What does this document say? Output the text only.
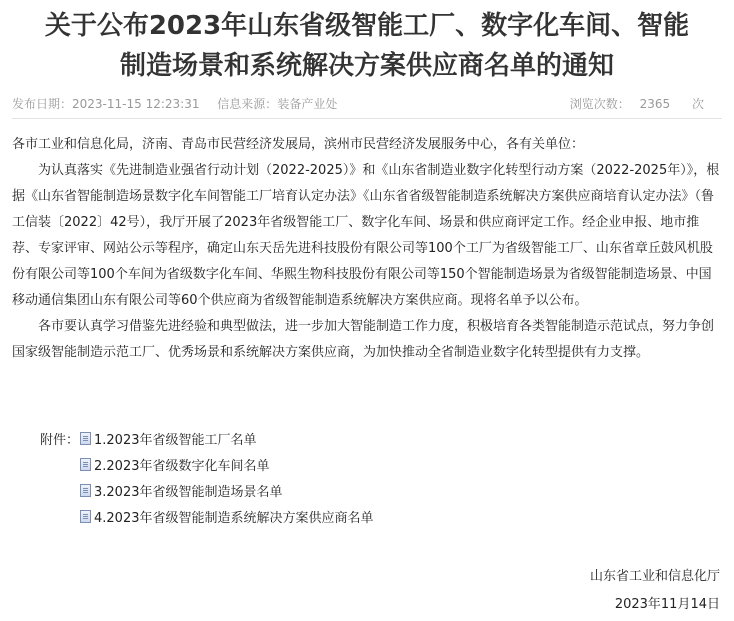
关于公布2023年山东省级智能工厂、数字化车间、智能
制造场景和系统解决方案供应商名单的通知
发布日期：2023-11-15 12:23:31 信息来源：装备产业处	浏览次数： 2365 次

各市工业和信息化局，济南、青岛市民营经济发展局，滨州市民营经济发展服务中心，各有关单位：

为认真落实《先进制造业强省行动计划（2022-2025）》和《山东省制造业数字化转型行动方案（2022-2025年）》，根据《山东省智能制造场景数字化车间智能工厂培育认定办法》《山东省省级智能制造系统解决方案供应商培育认定办法》（鲁工信装〔2022〕42号），我厅开展了2023年省级智能工厂、数字化车间、场景和供应商评定工作。经企业申报、地市推荐、专家评审、网站公示等程序，确定山东天岳先进科技股份有限公司等100个工厂为省级智能工厂、山东省章丘鼓风机股份有限公司等100个车间为省级数字化车间、华熙生物科技股份有限公司等150个智能制造场景为省级智能制造场景、中国移动通信集团山东有限公司等60个供应商为省级智能制造系统解决方案供应商。现将名单予以公布。

各市要认真学习借鉴先进经验和典型做法，进一步加大智能制造工作力度，积极培育各类智能制造示范试点，努力争创国家级智能制造示范工厂、优秀场景和系统解决方案供应商，为加快推动全省制造业数字化转型提供有力支撑。

附件： 1.2023年省级智能工厂名单
2.2023年省级数字化车间名单
3.2023年省级智能制造场景名单
4.2023年省级智能制造系统解决方案供应商名单
山东省工业和信息化厅
2023年11月14日
